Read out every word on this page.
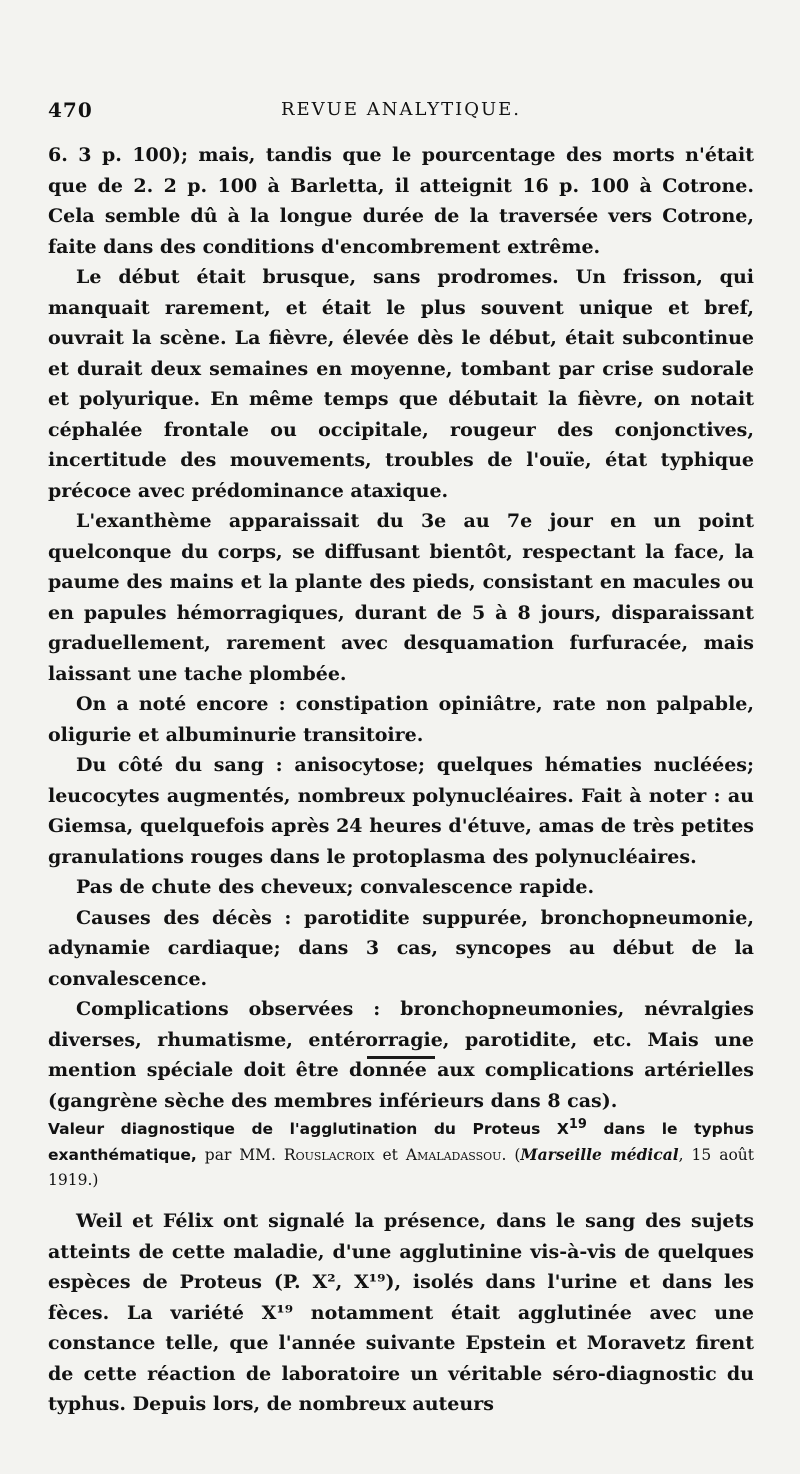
470	REVUE ANALYTIQUE.

6. 3 p. 100); mais, tandis que le pourcentage des morts n'était que de 2. 2 p. 100 à Barletta, il atteignit 16 p. 100 à Cotrone. Cela semble dû à la longue durée de la traversée vers Cotrone, faite dans des conditions d'encombrement extrême.

Le début était brusque, sans prodromes. Un frisson, qui manquait rarement, et était le plus souvent unique et bref, ouvrait la scène. La fièvre, élevée dès le début, était subcontinue et durait deux semaines en moyenne, tombant par crise sudorale et polyurique. En même temps que débutait la fièvre, on notait céphalée frontale ou occipitale, rougeur des conjonctives, incertitude des mouvements, troubles de l'ouïe, état typhique précoce avec prédominance ataxique.

L'exanthème apparaissait du 3e au 7e jour en un point quelconque du corps, se diffusant bientôt, respectant la face, la paume des mains et la plante des pieds, consistant en macules ou en papules hémorragiques, durant de 5 à 8 jours, disparaissant graduellement, rarement avec desquamation furfuracée, mais laissant une tache plombée.

On a noté encore : constipation opiniâtre, rate non palpable, oligurie et albuminurie transitoire.

Du côté du sang : anisocytose; quelques hématies nucléées; leucocytes augmentés, nombreux polynucléaires. Fait à noter : au Giemsa, quelquefois après 24 heures d'étuve, amas de très petites granulations rouges dans le protoplasma des polynucléaires.

Pas de chute des cheveux; convalescence rapide.

Causes des décès : parotidite suppurée, bronchopneumonie, adynamie cardiaque; dans 3 cas, syncopes au début de la convalescence.

Complications observées : bronchopneumonies, névralgies diverses, rhumatisme, entérorragie, parotidite, etc. Mais une mention spéciale doit être donnée aux complications artérielles (gangrène sèche des membres inférieurs dans 8 cas).

Valeur diagnostique de l'agglutination du Proteus $X^{19}$ dans le typhus exanthématique, par MM. Rouslacroix et Amaladassou. (Marseille médical, 15 août 1919.)
Weil et Félix ont signalé la présence, dans le sang des sujets atteints de cette maladie, d'une agglutinine vis-à-vis de quelques espèces de Proteus (P. X², X¹⁹), isolés dans l'urine et dans les fèces. La variété X¹⁹ notamment était agglutinée avec une constance telle, que l'année suivante Epstein et Moravetz firent de cette réaction de laboratoire un véritable séro-diagnostic du typhus. Depuis lors, de nombreux auteurs
